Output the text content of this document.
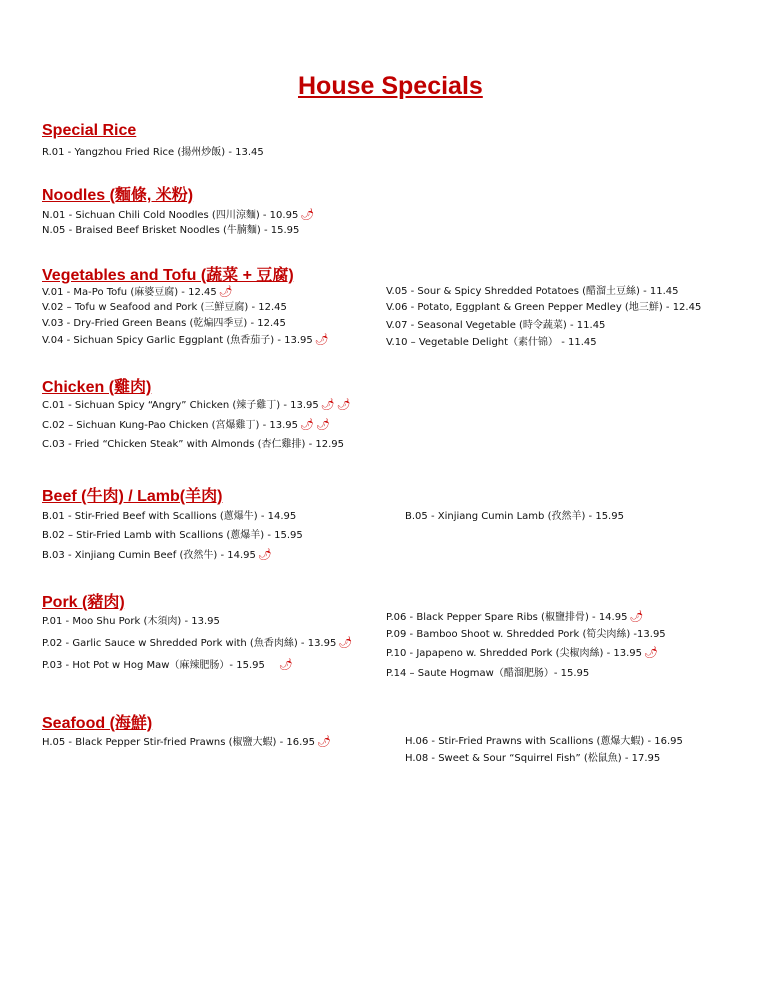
House Specials
Special Rice
R.01 - Yangzhou Fried Rice (揚州炒飯) - 13.45
Noodles (麵條, 米粉)
N.01 - Sichuan Chili Cold Noodles (四川涼麵) - 10.95 🌶
N.05 - Braised Beef Brisket Noodles (牛腩麵) - 15.95
Vegetables and Tofu (蔬菜 + 豆腐)
V.01 - Ma-Po Tofu (麻婆豆腐) - 12.45 🌶
V.02 – Tofu w Seafood and Pork (三鮮豆腐) - 12.45
V.03 - Dry-Fried Green Beans (乾煸四季豆) - 12.45
V.04 - Sichuan Spicy Garlic Eggplant (魚香茄子) - 13.95 🌶
V.05 - Sour & Spicy Shredded Potatoes (醋溜土豆絲) - 11.45
V.06 - Potato, Eggplant & Green Pepper Medley (地三鮮) - 12.45
V.07 - Seasonal Vegetable (時令蔬菜) - 11.45
V.10 – Vegetable Delight（素什锦） - 11.45
Chicken (雞肉)
C.01 - Sichuan Spicy “Angry” Chicken (辣子雞丁) - 13.95 🌶 🌶
C.02 – Sichuan Kung-Pao Chicken (宮爆雞丁) - 13.95 🌶 🌶
C.03 - Fried “Chicken Steak” with Almonds (杏仁雞排) - 12.95
Beef (牛肉) / Lamb(羊肉)
B.01 - Stir-Fried Beef with Scallions (蔥爆牛) - 14.95
B.02 – Stir-Fried Lamb with Scallions (蔥爆羊) - 15.95
B.03 - Xinjiang Cumin Beef (孜然牛) - 14.95 🌶
B.05 - Xinjiang Cumin Lamb (孜然羊) - 15.95
Pork (豬肉)
P.01 - Moo Shu Pork (木須肉) - 13.95
P.02 - Garlic Sauce w Shredded Pork with (魚香肉絲) - 13.95 🌶
P.03 - Hot Pot w Hog Maw（麻辣肥肠）- 15.95 🌶
P.06 - Black Pepper Spare Ribs (椒鹽排骨) - 14.95 🌶
P.09 - Bamboo Shoot w. Shredded Pork (筍尖肉絲) -13.95
P.10 - Japapeno w. Shredded Pork (尖椒肉絲) - 13.95 🌶
P.14 – Saute Hogmaw（醋溜肥肠）- 15.95
Seafood (海鮮)
H.05 - Black Pepper Stir-fried Prawns (椒鹽大蝦) - 16.95 🌶	H.06 - Stir-Fried Prawns with Scallions (蔥爆大蝦) - 16.95
H.08 - Sweet & Sour “Squirrel Fish” (松鼠魚) - 17.95
